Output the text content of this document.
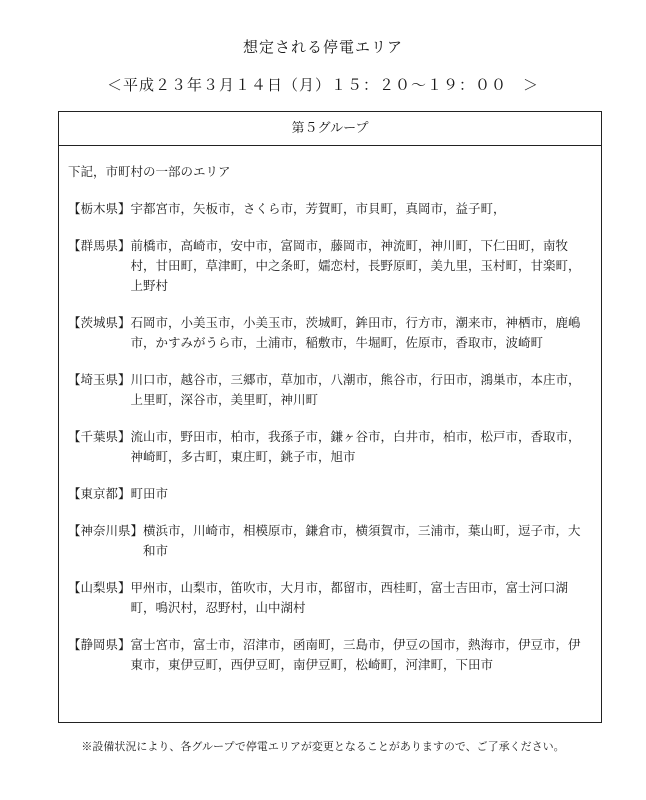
想定される停電エリア
＜平成２３年３月１４日（月）１５：２０～１９：００　＞
第５グループ
下記，市町村の一部のエリア
【栃木県】 宇都宮市，矢板市，さくら市，芳賀町，市貝町，真岡市，益子町，
【群馬県】 前橋市，高崎市，安中市，富岡市，藤岡市，神流町，神川町，下仁田町，南牧村，甘田町，草津町，中之条町，嬬恋村，長野原町，美九里，玉村町，甘楽町，上野村
【茨城県】 石岡市，小美玉市，小美玉市，茨城町，鉾田市，行方市，潮来市，神栖市，鹿嶋市，かすみがうら市，土浦市，稲敷市，牛堀町，佐原市，香取市，波崎町
【埼玉県】 川口市，越谷市，三郷市，草加市，八潮市，熊谷市，行田市，鴻巣市，本庄市，上里町，深谷市，美里町，神川町
【千葉県】 流山市，野田市，柏市，我孫子市，鎌ヶ谷市，白井市，柏市，松戸市，香取市，神崎町，多古町，東庄町，銚子市，旭市
【東京都】 町田市
【神奈川県】 横浜市，川崎市，相模原市，鎌倉市，横須賀市，三浦市，葉山町，逗子市，大和市
【山梨県】 甲州市，山梨市，笛吹市，大月市，都留市，西桂町，富士吉田市，富士河口湖町，鳴沢村，忍野村，山中湖村
【静岡県】 富士宮市，富士市，沼津市，函南町，三島市，伊豆の国市，熱海市，伊豆市，伊東市，東伊豆町，西伊豆町，南伊豆町，松崎町，河津町，下田市
※設備状況により、各グループで停電エリアが変更となることがありますので、ご了承ください。
